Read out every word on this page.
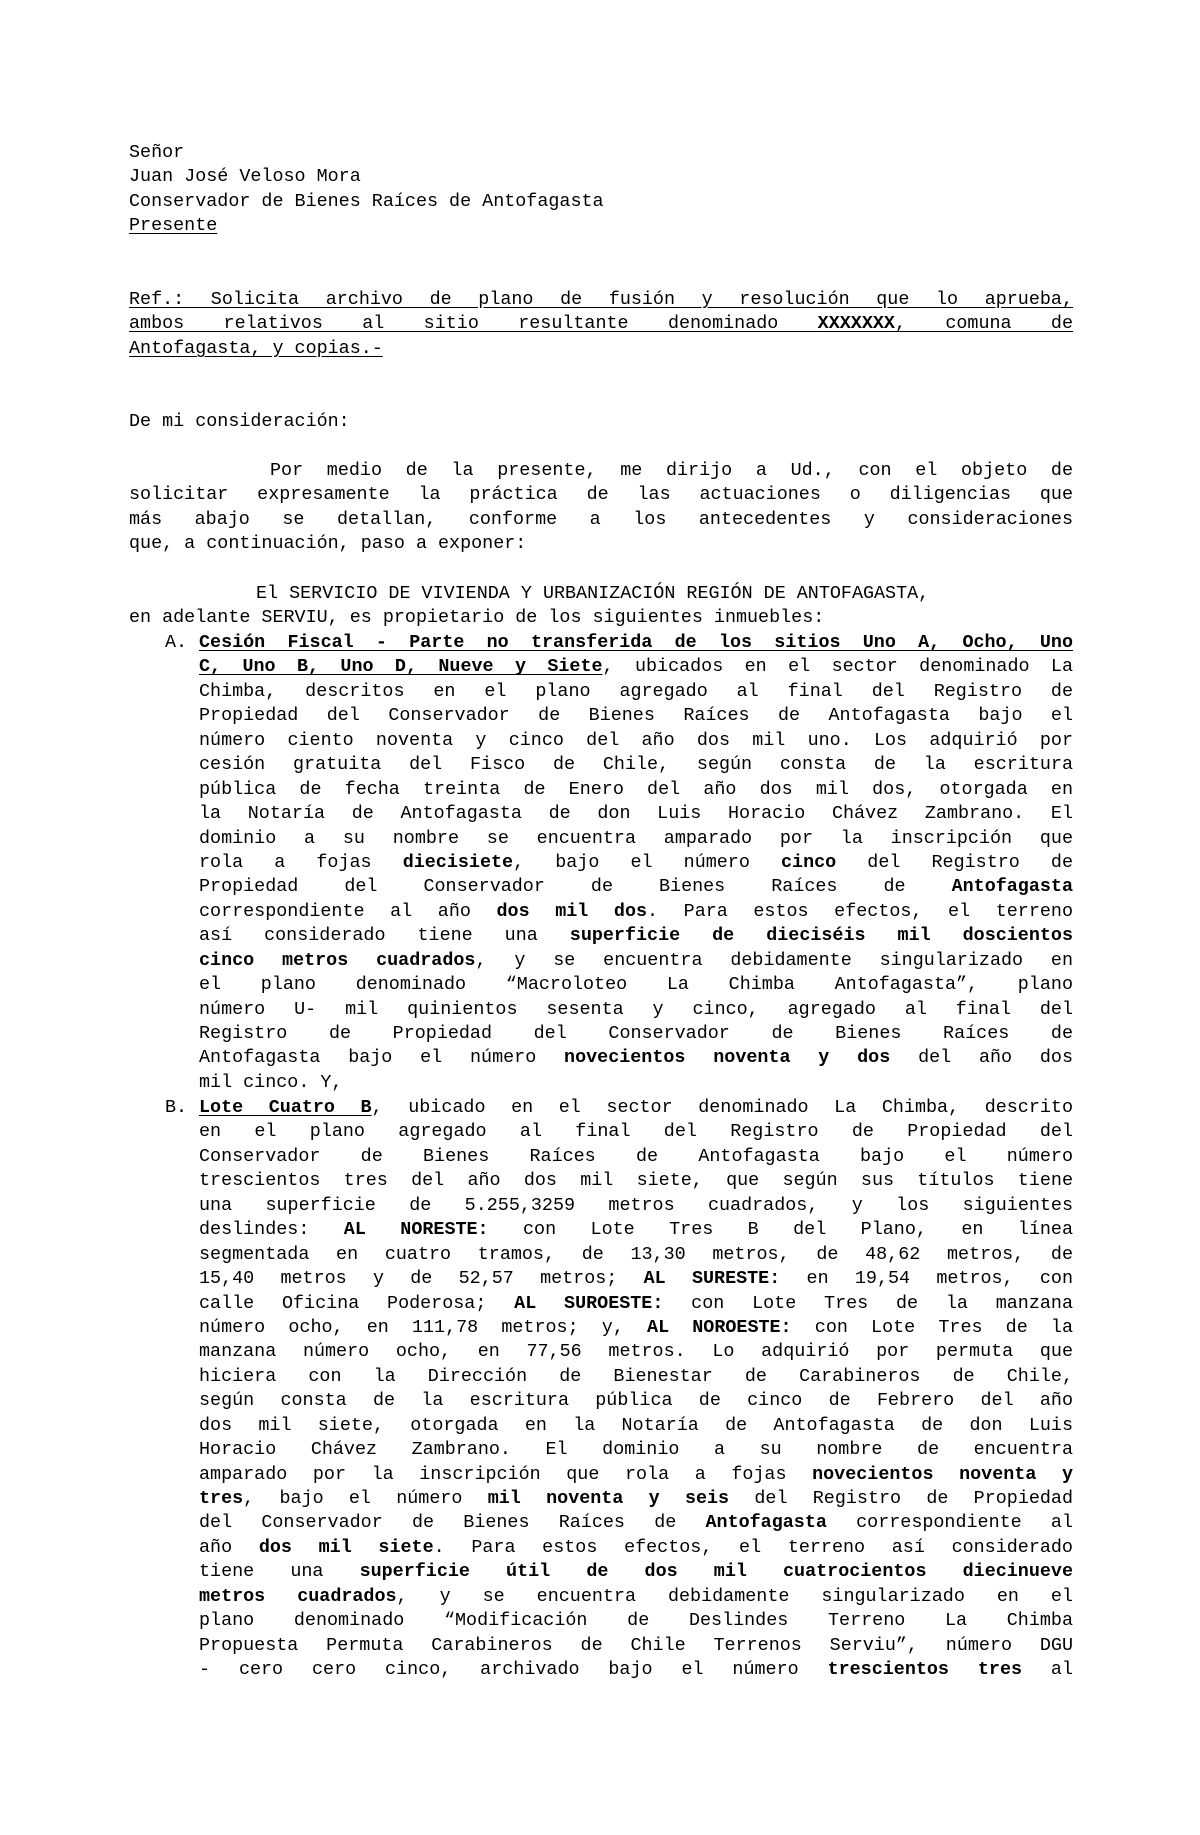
Señor
Juan José Veloso Mora
Conservador de Bienes Raíces de Antofagasta
Presente
Ref.: Solicita archivo de plano de fusión y resolución que lo aprueba,
ambos relativos al sitio resultante denominado XXXXXXX, comuna de
Antofagasta, y copias.-
De mi consideración:
Por medio de la presente, me dirijo a Ud., con el objeto de
solicitar expresamente la práctica de las actuaciones o diligencias que
más abajo se detallan, conforme a los antecedentes y consideraciones
que, a continuación, paso a exponer:
El SERVICIO DE VIVIENDA Y URBANIZACIÓN REGIÓN DE ANTOFAGASTA,
en adelante SERVIU, es propietario de los siguientes inmuebles:
A. Cesión Fiscal - Parte no transferida de los sitios Uno A, Ocho, Uno
C, Uno B, Uno D, Nueve y Siete, ubicados en el sector denominado La
Chimba, descritos en el plano agregado al final del Registro de
Propiedad del Conservador de Bienes Raíces de Antofagasta bajo el
número ciento noventa y cinco del año dos mil uno. Los adquirió por
cesión gratuita del Fisco de Chile, según consta de la escritura
pública de fecha treinta de Enero del año dos mil dos, otorgada en
la Notaría de Antofagasta de don Luis Horacio Chávez Zambrano. El
dominio a su nombre se encuentra amparado por la inscripción que
rola a fojas diecisiete, bajo el número cinco del Registro de
Propiedad del Conservador de Bienes Raíces de Antofagasta
correspondiente al año dos mil dos. Para estos efectos, el terreno
así considerado tiene una superficie de dieciséis mil doscientos
cinco metros cuadrados, y se encuentra debidamente singularizado en
el plano denominado “Macroloteo La Chimba Antofagasta”, plano
número U- mil quinientos sesenta y cinco, agregado al final del
Registro de Propiedad del Conservador de Bienes Raíces de
Antofagasta bajo el número novecientos noventa y dos del año dos
mil cinco. Y,
B. Lote Cuatro B, ubicado en el sector denominado La Chimba, descrito
en el plano agregado al final del Registro de Propiedad del
Conservador de Bienes Raíces de Antofagasta bajo el número
trescientos tres del año dos mil siete, que según sus títulos tiene
una superficie de 5.255,3259 metros cuadrados, y los siguientes
deslindes: AL NORESTE: con Lote Tres B del Plano, en línea
segmentada en cuatro tramos, de 13,30 metros, de 48,62 metros, de
15,40 metros y de 52,57 metros; AL SURESTE: en 19,54 metros, con
calle Oficina Poderosa; AL SUROESTE: con Lote Tres de la manzana
número ocho, en 111,78 metros; y, AL NOROESTE: con Lote Tres de la
manzana número ocho, en 77,56 metros. Lo adquirió por permuta que
hiciera con la Dirección de Bienestar de Carabineros de Chile,
según consta de la escritura pública de cinco de Febrero del año
dos mil siete, otorgada en la Notaría de Antofagasta de don Luis
Horacio Chávez Zambrano. El dominio a su nombre de encuentra
amparado por la inscripción que rola a fojas novecientos noventa y
tres, bajo el número mil noventa y seis del Registro de Propiedad
del Conservador de Bienes Raíces de Antofagasta correspondiente al
año dos mil siete. Para estos efectos, el terreno así considerado
tiene una superficie útil de dos mil cuatrocientos diecinueve
metros cuadrados, y se encuentra debidamente singularizado en el
plano denominado “Modificación de Deslindes Terreno La Chimba
Propuesta Permuta Carabineros de Chile Terrenos Serviu”, número DGU
- cero cero cinco, archivado bajo el número trescientos tres al
